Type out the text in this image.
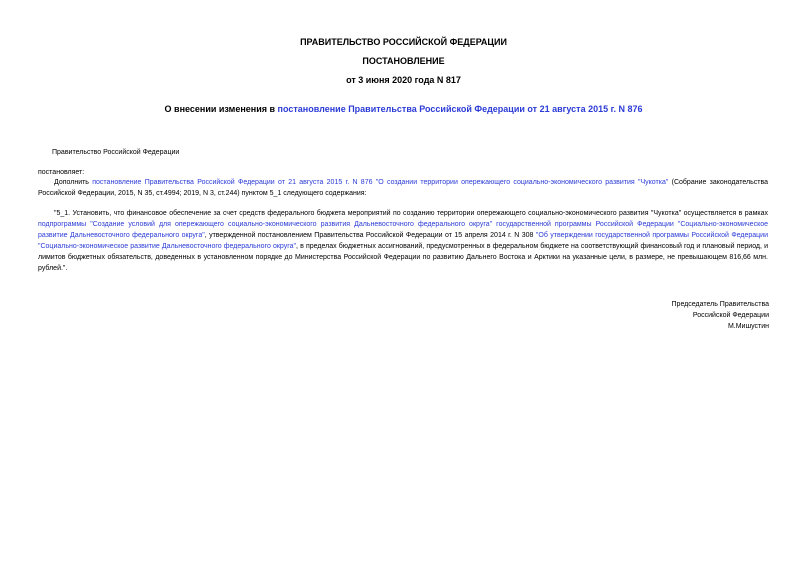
ПРАВИТЕЛЬСТВО РОССИЙСКОЙ ФЕДЕРАЦИИ
ПОСТАНОВЛЕНИЕ
от 3 июня 2020 года N 817
О внесении изменения в постановление Правительства Российской Федерации от 21 августа 2015 г. N 876
Правительство Российской Федерации
постановляет:
Дополнить постановление Правительства Российской Федерации от 21 августа 2015 г. N 876 "О создании территории опережающего социально-экономического развития "Чукотка" (Собрание законодательства Российской Федерации, 2015, N 35, ст.4994; 2019, N 3, ст.244) пунктом 5_1 следующего содержания:
"5_1. Установить, что финансовое обеспечение за счет средств федерального бюджета мероприятий по созданию территории опережающего социально-экономического развития "Чукотка" осуществляется в рамках подпрограммы "Создание условий для опережающего социально-экономического развития Дальневосточного федерального округа" государственной программы Российской Федерации "Социально-экономическое развитие Дальневосточного федерального округа", утвержденной постановлением Правительства Российской Федерации от 15 апреля 2014 г. N 308 "Об утверждении государственной программы Российской Федерации "Социально-экономическое развитие Дальневосточного федерального округа", в пределах бюджетных ассигнований, предусмотренных в федеральном бюджете на соответствующий финансовый год и плановый период, и лимитов бюджетных обязательств, доведенных в установленном порядке до Министерства Российской Федерации по развитию Дальнего Востока и Арктики на указанные цели, в размере, не превышающем 816,66 млн. рублей.".
Председатель Правительства
Российской Федерации
М.Мишустин
